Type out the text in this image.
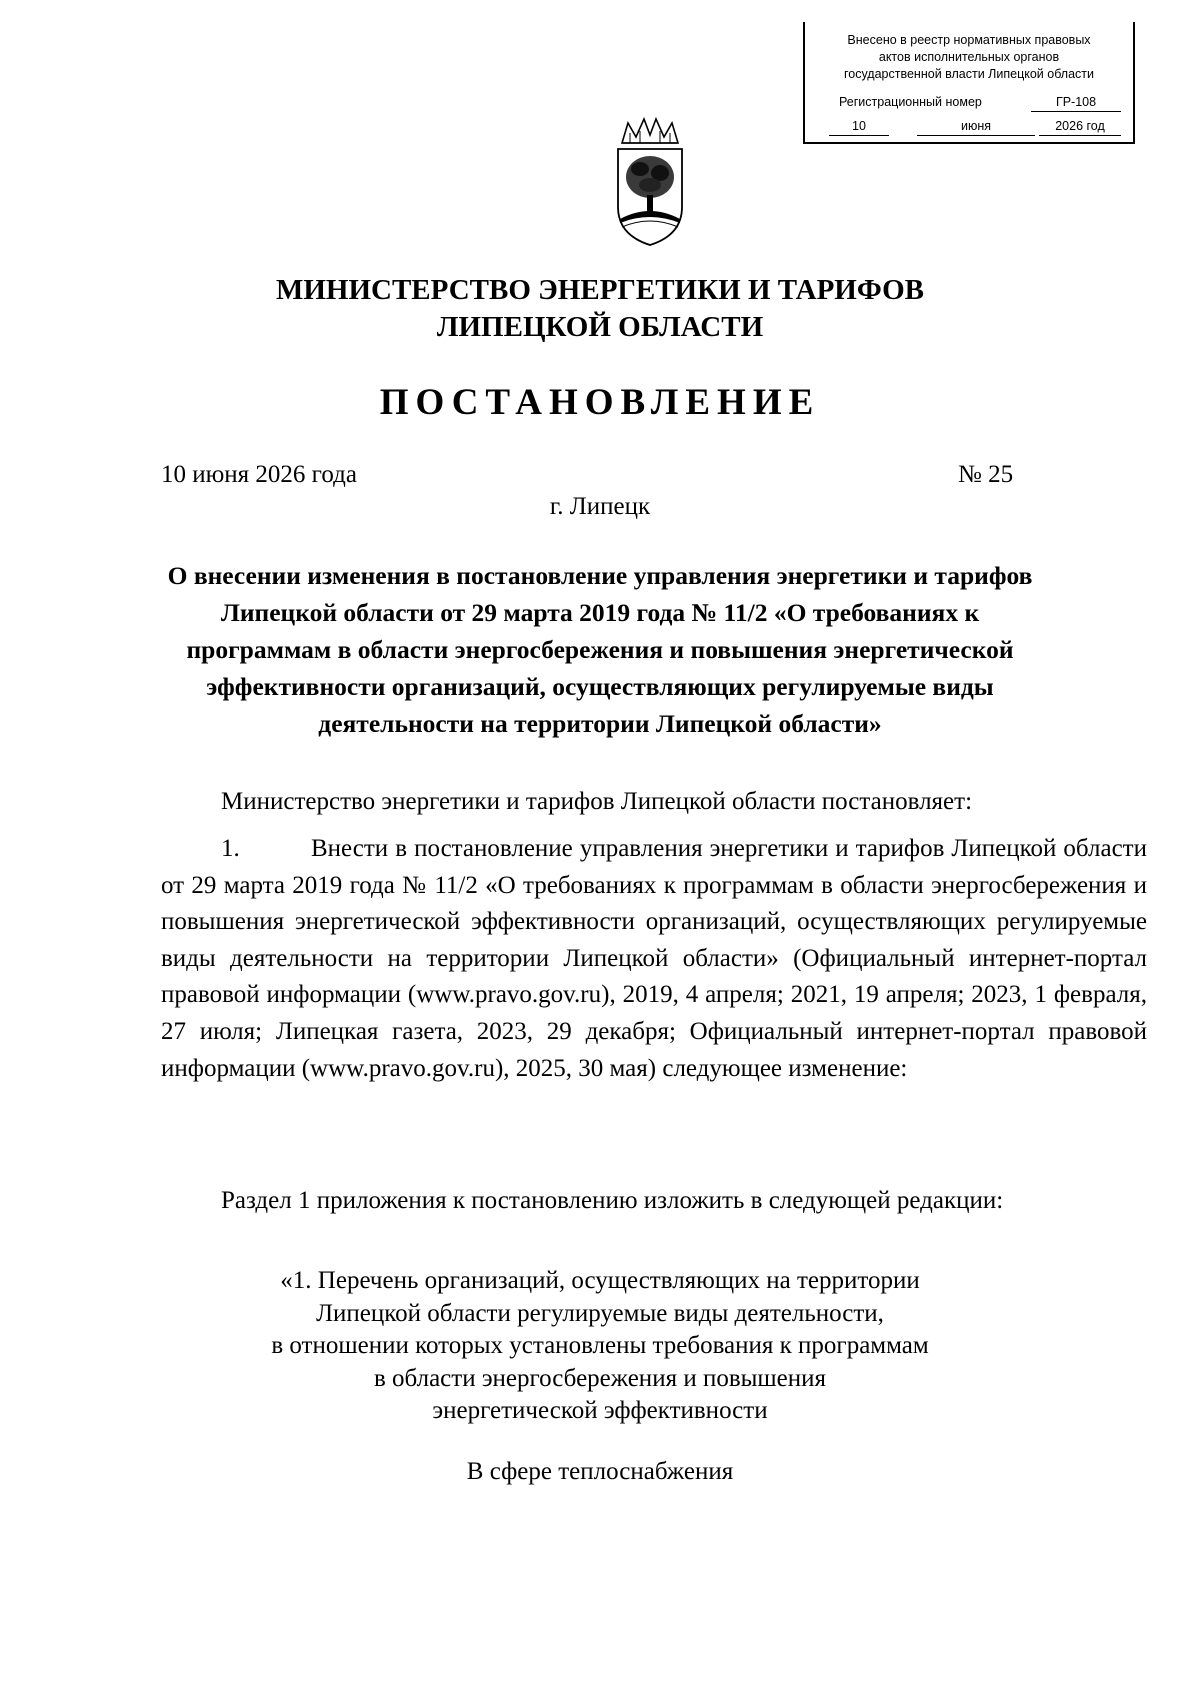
Внесено в реестр нормативных правовых
актов исполнительных органов
государственной власти Липецкой области
Регистрационный номер	ГР-108
10	июня	2026 год
МИНИСТЕРСТВО ЭНЕРГЕТИКИ И ТАРИФОВ
ЛИПЕЦКОЙ ОБЛАСТИ
ПОСТАНОВЛЕНИЕ
10 июня 2026 года	№ 25
г. Липецк
О внесении изменения в постановление управления энергетики и тарифов Липецкой области от 29 марта 2019 года № 11/2 «О требованиях к программам в области энергосбережения и повышения энергетической эффективности организаций, осуществляющих регулируемые виды деятельности на территории Липецкой области»
Министерство энергетики и тарифов Липецкой области постановляет:
1.	Внести в постановление управления энергетики и тарифов Липецкой области от 29 марта 2019 года № 11/2 «О требованиях к программам в области энергосбережения и повышения энергетической эффективности организаций, осуществляющих регулируемые виды деятельности на территории Липецкой области» (Официальный интернет-портал правовой информации (www.pravo.gov.ru), 2019, 4 апреля; 2021, 19 апреля; 2023, 1 февраля, 27 июля; Липецкая газета, 2023, 29 декабря; Официальный интернет-портал правовой информации (www.pravo.gov.ru), 2025, 30 мая) следующее изменение:
Раздел 1 приложения к постановлению изложить в следующей редакции:
«1. Перечень организаций, осуществляющих на территории
Липецкой области регулируемые виды деятельности,
в отношении которых установлены требования к программам
в области энергосбережения и повышения
энергетической эффективности
В сфере теплоснабжения
